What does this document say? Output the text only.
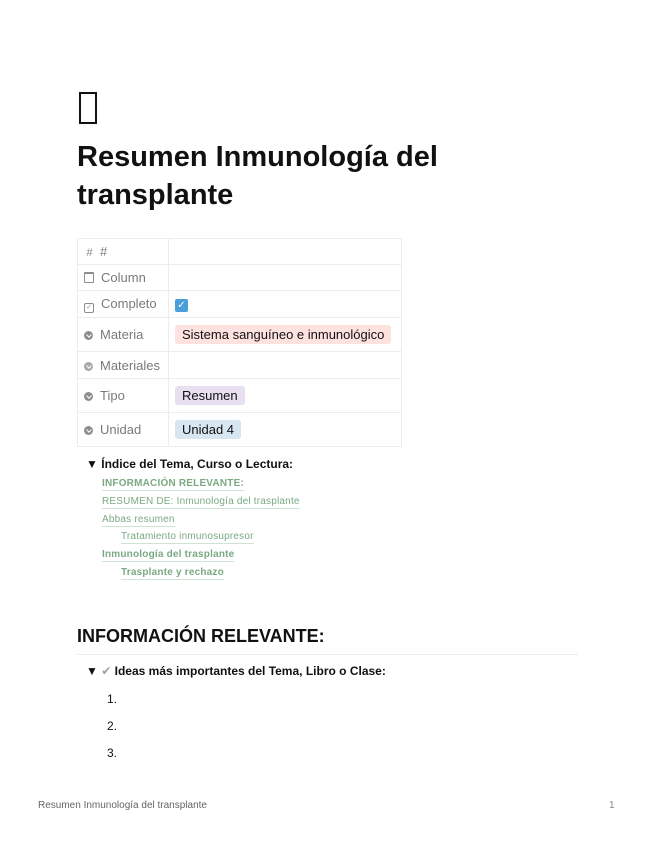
Resumen Inmunología del transplante
# #	
Column	
✓ Completo	✓
Materia	Sistema sanguíneo e inmunológico
Materiales	
Tipo	Resumen
Unidad	Unidad 4
▼ Índice del Tema, Curso o Lectura:
INFORMACIÓN RELEVANTE:
RESUMEN DE: Inmunología del trasplante
Abbas resumen
Tratamiento inmunosupresor
Inmunología del trasplante
Trasplante y rechazo
INFORMACIÓN RELEVANTE:
▼ ✔ Ideas más importantes del Tema, Libro o Clase:
1.
2.
3.
Resumen Inmunología del transplante	1
